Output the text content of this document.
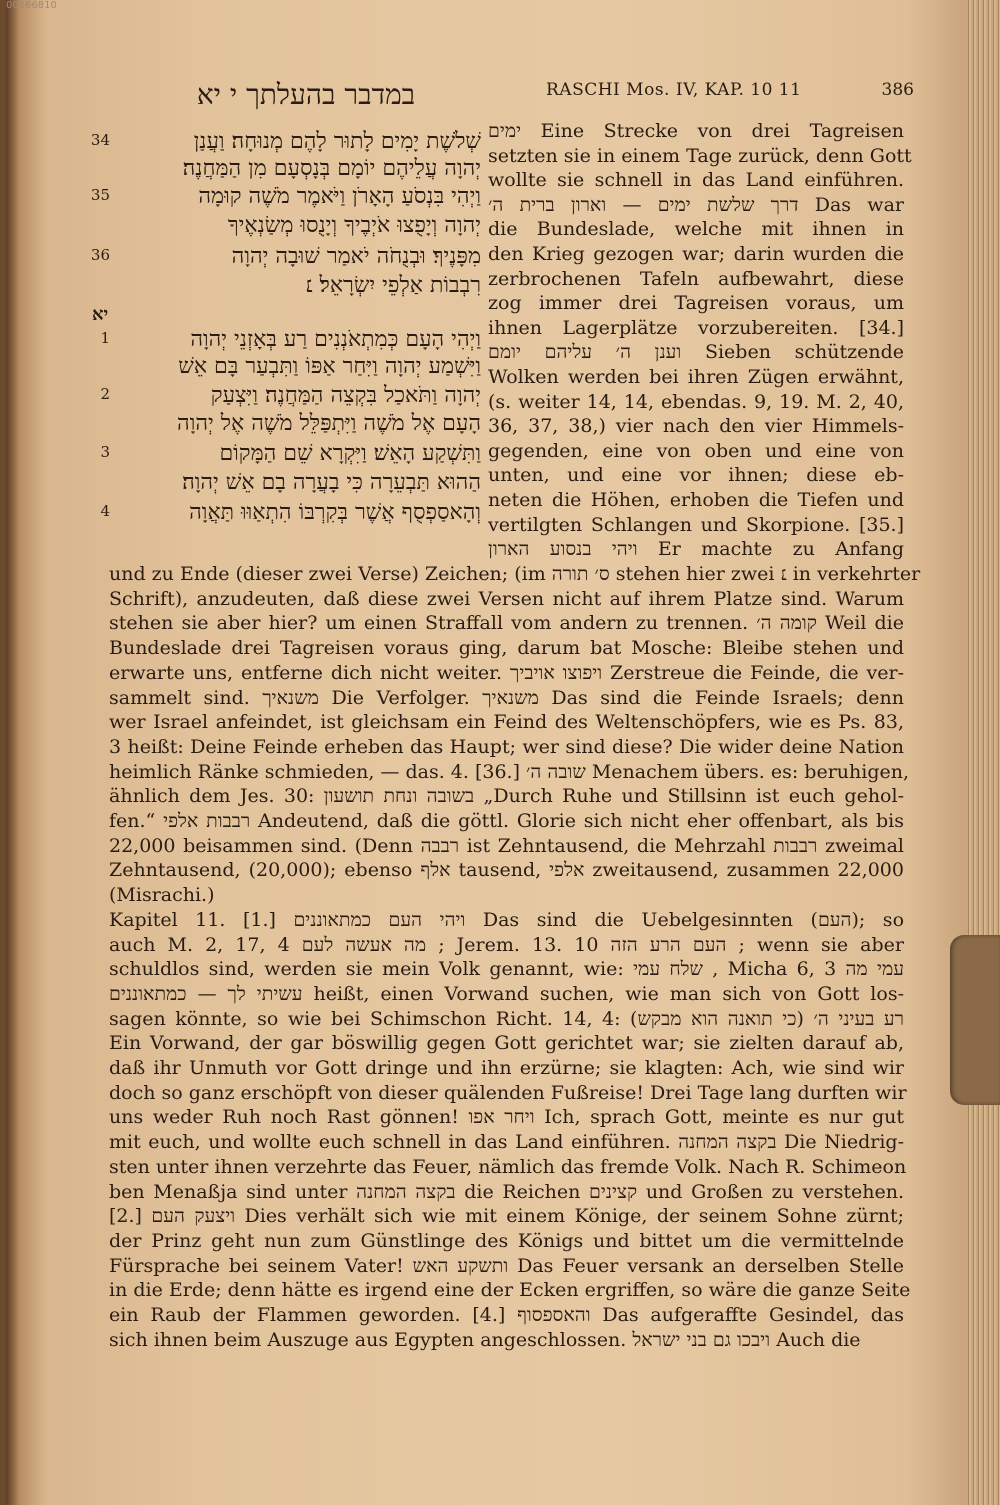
00166810
במדבר בהעלתך י יא	RASCHI Mos. IV, KAP. 10 11	386
יא
34	שְׁלֹשֶׁת יָמִים לָתוּר לָהֶם מְנוּחָה׃ וַעֲנַן
יְהוָה עֲלֵיהֶם יוֹמָם בְּנָסְעָם מִן הַמַּחֲנֶה׃
35	וַיְהִי בִּנְסֹעַ הָאָרֹן וַיֹּאמֶר מֹשֶׁה קוּמָה
יְהוָה וְיָפֻצוּ אֹיְבֶיךָ וְיָנֻסוּ מְשַׂנְאֶיךָ
36	מִפָּנֶיךָ׃ וּבְנֻחֹה יֹאמַר שׁוּבָה יְהוָה
רִבְבוֹת אַלְפֵי יִשְׂרָאֵל׃ ׆
1	וַיְהִי הָעָם כְּמִתְאֹנְנִים רַע בְּאָזְנֵי יְהוָה
וַיִּשְׁמַע יְהוָה וַיִּחַר אַפּוֹ וַתִּבְעַר בָּם אֵשׁ
2	יְהוָה וַתֹּאכַל בִּקְצֵה הַמַּחֲנֶה׃ וַיִּצְעַק
הָעָם אֶל מֹשֶׁה וַיִּתְפַּלֵּל מֹשֶׁה אֶל יְהוָה
3	וַתִּשְׁקַע הָאֵשׁ׃ וַיִּקְרָא שֵׁם הַמָּקוֹם
הַהוּא תַּבְעֵרָה כִּי בָעֲרָה בָם אֵשׁ יְהוָה׃
4	וְהָאסַפְסֻף אֲשֶׁר בְּקִרְבּוֹ הִתְאַוּוּ תַּאֲוָה
ימים Eine Strecke von drei Tagreisen
setzten sie in einem Tage zurück, denn Gott
wollte sie schnell in das Land einführen.
דרך שלשת ימים — וארון ברית ה׳ Das war
die Bundeslade, welche mit ihnen in
den Krieg gezogen war; darin wurden die
zerbrochenen Tafeln aufbewahrt, diese
zog immer drei Tagreisen voraus, um
ihnen Lagerplätze vorzubereiten. [34.]
וענן ה׳ עליהם יומם Sieben schützende
Wolken werden bei ihren Zügen erwähnt,
(s. weiter 14, 14, ebendas. 9, 19. M. 2, 40,
36, 37, 38,) vier nach den vier Himmels-
gegenden, eine von oben und eine von
unten, und eine vor ihnen; diese eb-
neten die Höhen, erhoben die Tiefen und
vertilgten Schlangen und Skorpione. [35.]
ויהי בנסוע הארון Er machte zu Anfang
und zu Ende (dieser zwei Verse) Zeichen; (im ס׳ תורה stehen hier zwei ׆ in verkehrter
Schrift), anzudeuten, daß diese zwei Versen nicht auf ihrem Platze sind. Warum
stehen sie aber hier? um einen Straffall vom andern zu trennen. קומה ה׳ Weil die
Bundeslade drei Tagreisen voraus ging, darum bat Mosche: Bleibe stehen und
erwarte uns, entferne dich nicht weiter. ויפוצו אויביך Zerstreue die Feinde, die ver-
sammelt sind. משנאיך Die Verfolger. משנאיך Das sind die Feinde Israels; denn
wer Israel anfeindet, ist gleichsam ein Feind des Weltenschöpfers, wie es Ps. 83,
3 heißt: Deine Feinde erheben das Haupt; wer sind diese? Die wider deine Nation
heimlich Ränke schmieden, — das. 4. [36.] שובה ה׳ Menachem übers. es: beruhigen,
ähnlich dem Jes. 30: בשובה ונחת תושעון „Durch Ruhe und Stillsinn ist euch gehol-
fen.“ רבבות אלפי Andeutend, daß die göttl. Glorie sich nicht eher offenbart, als bis
22,000 beisammen sind. (Denn רבבה ist Zehntausend, die Mehrzahl רבבות zweimal
Zehntausend, (20,000); ebenso אלף tausend, אלפי zweitausend, zusammen 22,000
(Misrachi.)
Kapitel 11. [1.] ויהי העם כמתאוננים Das sind die Uebelgesinnten (העם); so
auch M. 2, 17, 4 מה אעשה לעם ; Jerem. 13. 10 העם הרע הזה ; wenn sie aber
schuldlos sind, werden sie mein Volk genannt, wie: שלח עמי , Micha 6, 3 עמי מה
עשיתי לך — כמתאוננים heißt, einen Vorwand suchen, wie man sich von Gott los-
sagen könnte, so wie bei Schimschon Richt. 14, 4: (כי תואנה הוא מבקש) רע בעיני ה׳
Ein Vorwand, der gar böswillig gegen Gott gerichtet war; sie zielten darauf ab,
daß ihr Unmuth vor Gott dringe und ihn erzürne; sie klagten: Ach, wie sind wir
doch so ganz erschöpft von dieser quälenden Fußreise! Drei Tage lang durften wir
uns weder Ruh noch Rast gönnen! ויחר אפו Ich, sprach Gott, meinte es nur gut
mit euch, und wollte euch schnell in das Land einführen. בקצה המחנה Die Niedrig-
sten unter ihnen verzehrte das Feuer, nämlich das fremde Volk. Nach R. Schimeon
ben Menaßja sind unter בקצה המחנה die Reichen קצינים und Großen zu verstehen.
[2.] ויצעק העם Dies verhält sich wie mit einem Könige, der seinem Sohne zürnt;
der Prinz geht nun zum Günstlinge des Königs und bittet um die vermittelnde
Fürsprache bei seinem Vater! ותשקע האש Das Feuer versank an derselben Stelle
in die Erde; denn hätte es irgend eine der Ecken ergriffen, so wäre die ganze Seite
ein Raub der Flammen geworden. [4.] והאספסוף Das aufgeraffte Gesindel, das
sich ihnen beim Auszuge aus Egypten angeschlossen. ויבכו גם בני ישראל Auch die
